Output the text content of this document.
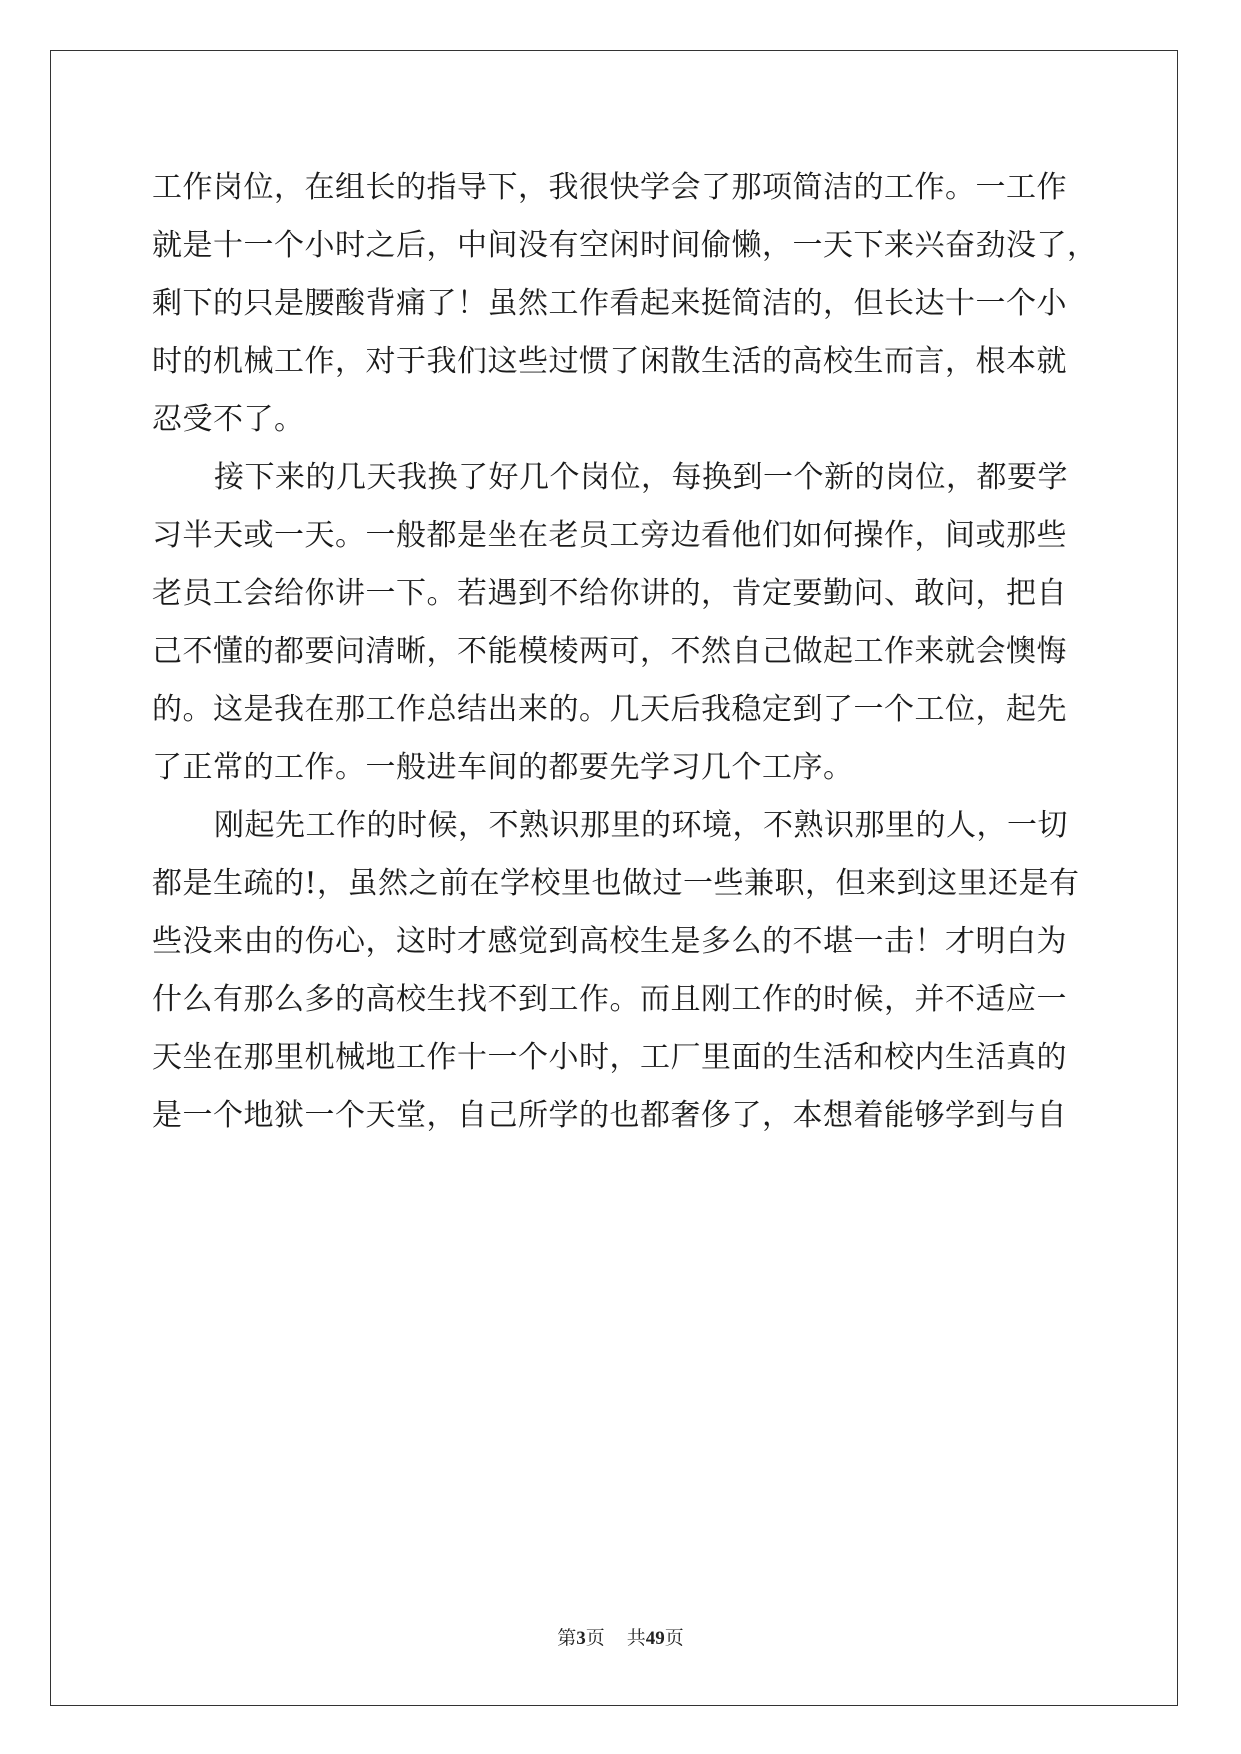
工作岗位，在组长的指导下，我很快学会了那项简洁的工作。一工作
就是十一个小时之后，中间没有空闲时间偷懒，一天下来兴奋劲没了，
剩下的只是腰酸背痛了！虽然工作看起来挺简洁的，但长达十一个小
时的机械工作，对于我们这些过惯了闲散生活的高校生而言，根本就
忍受不了。
接下来的几天我换了好几个岗位，每换到一个新的岗位，都要学
习半天或一天。一般都是坐在老员工旁边看他们如何操作，间或那些
老员工会给你讲一下。若遇到不给你讲的，肯定要勤问、敢问，把自
己不懂的都要问清晰，不能模棱两可，不然自己做起工作来就会懊悔
的。这是我在那工作总结出来的。几天后我稳定到了一个工位，起先
了正常的工作。一般进车间的都要先学习几个工序。
刚起先工作的时候，不熟识那里的环境，不熟识那里的人，一切
都是生疏的!，虽然之前在学校里也做过一些兼职，但来到这里还是有
些没来由的伤心，这时才感觉到高校生是多么的不堪一击！才明白为
什么有那么多的高校生找不到工作。而且刚工作的时候，并不适应一
天坐在那里机械地工作十一个小时，工厂里面的生活和校内生活真的
是一个地狱一个天堂，自己所学的也都奢侈了，本想着能够学到与自
第3页 共49页
